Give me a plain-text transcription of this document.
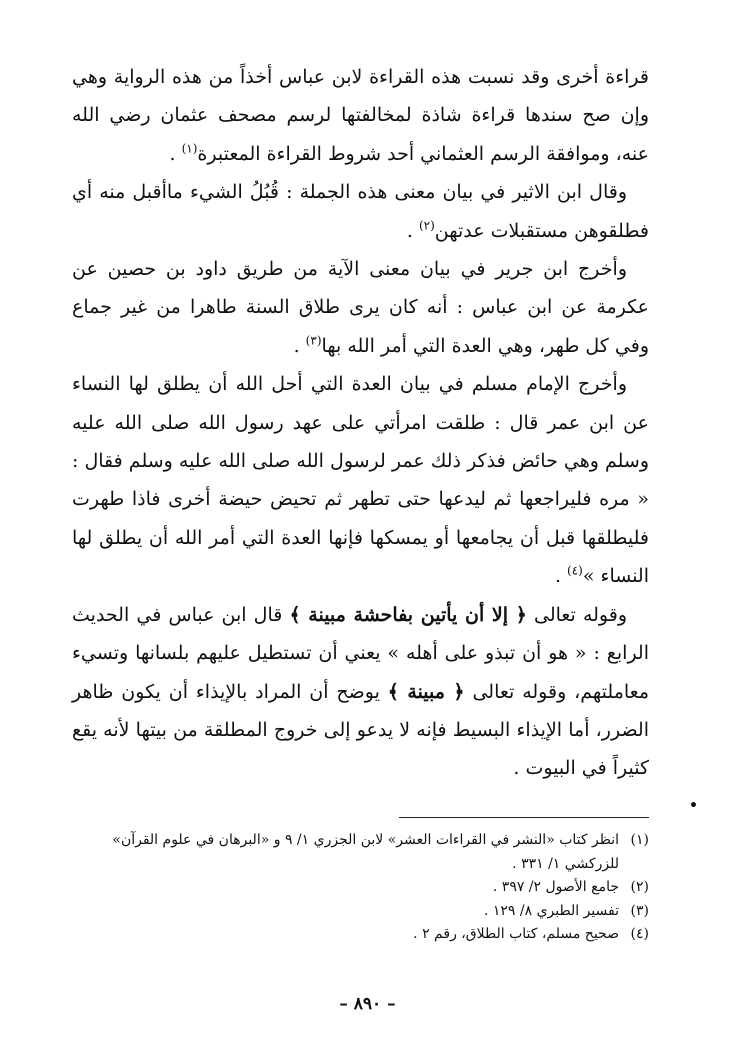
قراءة أخرى وقد نسبت هذه القراءة لابن عباس أخذاً من هذه الرواية وهي وإن صح سندها قراءة شاذة لمخالفتها لرسم مصحف عثمان رضي الله عنه، وموافقة الرسم العثماني أحد شروط القراءة المعتبرة$^{(١)}$ .

وقال ابن الاثير في بيان معنى هذه الجملة : قُبُلُ الشيء ماأقبل منه أي فطلقوهن مستقبلات عدتهن$^{(٢)}$ .

وأخرج ابن جرير في بيان معنى الآية من طريق داود بن حصين عن عكرمة عن ابن عباس : أنه كان يرى طلاق السنة طاهرا من غير جماع وفي كل طهر، وهي العدة التي أمر الله بها$^{(٣)}$ .

وأخرج الإمام مسلم في بيان العدة التي أحل الله أن يطلق لها النساء عن ابن عمر قال : طلقت امرأتي على عهد رسول الله صلى الله عليه وسلم وهي حائض فذكر ذلك عمر لرسول الله صلى الله عليه وسلم فقال : « مره فليراجعها ثم ليدعها حتى تطهر ثم تحيض حيضة أخرى فاذا طهرت فليطلقها قبل أن يجامعها أو يمسكها فإنها العدة التي أمر الله أن يطلق لها النساء »$^{(٤)}$ .

وقوله تعالى ﴿ إلا أن يأتين بفاحشة مبينة ﴾ قال ابن عباس في الحديث الرابع : « هو أن تبذو على أهله » يعني أن تستطيل عليهم بلسانها وتسيء معاملتهم، وقوله تعالى ﴿ مبينة ﴾ يوضح أن المراد بالإيذاء أن يكون ظاهر الضرر، أما الإيذاء البسيط فإنه لا يدعو إلى خروج المطلقة من بيتها لأنه يقع كثيراً في البيوت .

(١)
انظر كتاب «النشر في القراءات العشر» لابن الجزري ١/ ٩ و «البرهان في علوم القرآن» للزركشي ١/ ٣٣١ .

(٢)
جامع الأصول ٢/ ٣٩٧ .

(٣)
تفسير الطبري ٨/ ١٢٩ .

(٤)
صحيح مسلم، كتاب الطلاق، رقم ٢ .

– ٨٩٠ –
